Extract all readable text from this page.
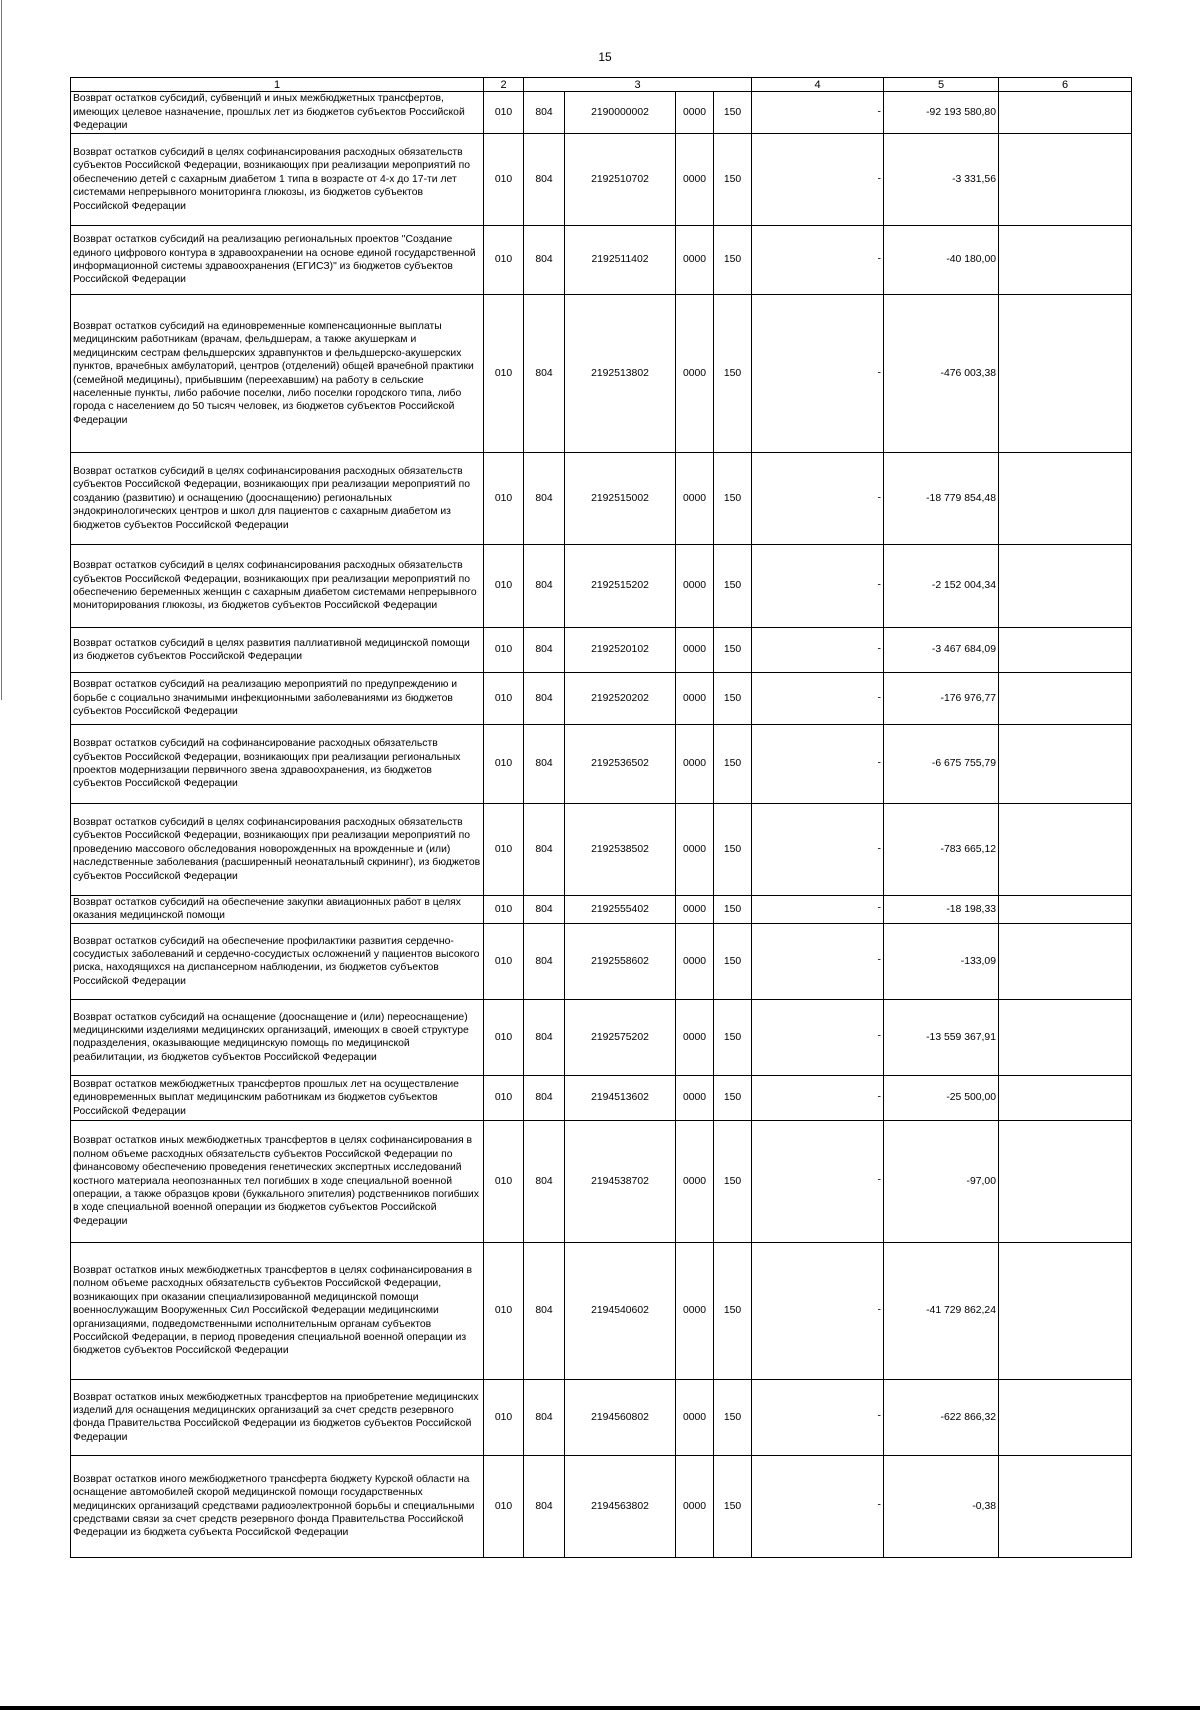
15
1	2	3				4	5	6
Возврат остатков субсидий, субвенций и иных межбюджетных трансфертов, имеющих целевое назначение, прошлых лет из бюджетов субъектов Российской Федерации	010	804	2190000002	0000	150	-	-92 193 580,80	-
Возврат остатков субсидий в целях софинансирования расходных обязательств субъектов Российской Федерации, возникающих при реализации мероприятий по обеспечению детей с сахарным диабетом 1 типа в возрасте от 4-х до 17-ти лет системами непрерывного мониторинга глюкозы, из бюджетов субъектов Российской Федерации	010	804	2192510702	0000	150	-	-3 331,56	-
Возврат остатков субсидий на реализацию региональных проектов "Создание единого цифрового контура в здравоохранении на основе единой государственной информационной системы здравоохранения (ЕГИСЗ)" из бюджетов субъектов Российской Федерации	010	804	2192511402	0000	150	-	-40 180,00	-
Возврат остатков субсидий на единовременные компенсационные выплаты медицинским работникам (врачам, фельдшерам, а также акушеркам и медицинским сестрам фельдшерских здравпунктов и фельдшерско-акушерских пунктов, врачебных амбулаторий, центров (отделений) общей врачебной практики (семейной медицины), прибывшим (переехавшим) на работу в сельские населенные пункты, либо рабочие поселки, либо поселки городского типа, либо города с населением до 50 тысяч человек, из бюджетов субъектов Российской Федерации	010	804	2192513802	0000	150	-	-476 003,38	-
Возврат остатков субсидий в целях софинансирования расходных обязательств субъектов Российской Федерации, возникающих при реализации мероприятий по созданию (развитию) и оснащению (дооснащению) региональных эндокринологических центров и школ для пациентов с сахарным диабетом из бюджетов субъектов Российской Федерации	010	804	2192515002	0000	150	-	-18 779 854,48	-
Возврат остатков субсидий в целях софинансирования расходных обязательств субъектов Российской Федерации, возникающих при реализации мероприятий по обеспечению беременных женщин с сахарным диабетом системами непрерывного мониторирования глюкозы, из бюджетов субъектов Российской Федерации	010	804	2192515202	0000	150	-	-2 152 004,34	-
Возврат остатков субсидий в целях развития паллиативной медицинской помощи из бюджетов субъектов Российской Федерации	010	804	2192520102	0000	150	-	-3 467 684,09	-
Возврат остатков субсидий на реализацию мероприятий по предупреждению и борьбе с социально значимыми инфекционными заболеваниями из бюджетов субъектов Российской Федерации	010	804	2192520202	0000	150	-	-176 976,77	-
Возврат остатков субсидий на софинансирование расходных обязательств субъектов Российской Федерации, возникающих при реализации региональных проектов модернизации первичного звена здравоохранения, из бюджетов субъектов Российской Федерации	010	804	2192536502	0000	150	-	-6 675 755,79	-
Возврат остатков субсидий в целях софинансирования расходных обязательств субъектов Российской Федерации, возникающих при реализации мероприятий по проведению массового обследования новорожденных на врожденные и (или) наследственные заболевания (расширенный неонатальный скрининг), из бюджетов субъектов Российской Федерации	010	804	2192538502	0000	150	-	-783 665,12	-
Возврат остатков субсидий на обеспечение закупки авиационных работ в целях оказания медицинской помощи	010	804	2192555402	0000	150	-	-18 198,33	-
Возврат остатков субсидий на обеспечение профилактики развития сердечно-сосудистых заболеваний и сердечно-сосудистых осложнений у пациентов высокого риска, находящихся на диспансерном наблюдении, из бюджетов субъектов Российской Федерации	010	804	2192558602	0000	150	-	-133,09	-
Возврат остатков субсидий на оснащение (дооснащение и (или) переоснащение) медицинскими изделиями медицинских организаций, имеющих в своей структуре подразделения, оказывающие медицинскую помощь по медицинской реабилитации, из бюджетов субъектов Российской Федерации	010	804	2192575202	0000	150	-	-13 559 367,91	-
Возврат остатков межбюджетных трансфертов прошлых лет на осуществление единовременных выплат медицинским работникам из бюджетов субъектов Российской Федерации	010	804	2194513602	0000	150	-	-25 500,00	-
Возврат остатков иных межбюджетных трансфертов в целях софинансирования в полном объеме расходных обязательств субъектов Российской Федерации по финансовому обеспечению проведения генетических экспертных исследований костного материала неопознанных тел погибших в ходе специальной военной операции, а также образцов крови (буккального эпителия) родственников погибших в ходе специальной военной операции из бюджетов субъектов Российской Федерации	010	804	2194538702	0000	150	-	-97,00	-
Возврат остатков иных межбюджетных трансфертов в целях софинансирования в полном объеме расходных обязательств субъектов Российской Федерации, возникающих при оказании специализированной медицинской помощи военнослужащим Вооруженных Сил Российской Федерации медицинскими организациями, подведомственными исполнительным органам субъектов Российской Федерации, в период проведения специальной военной операции из бюджетов субъектов Российской Федерации	010	804	2194540602	0000	150	-	-41 729 862,24	-
Возврат остатков иных межбюджетных трансфертов на приобретение медицинских изделий для оснащения медицинских организаций за счет средств резервного фонда Правительства Российской Федерации из бюджетов субъектов Российской Федерации	010	804	2194560802	0000	150	-	-622 866,32	-
Возврат остатков иного межбюджетного трансферта бюджету Курской области на оснащение автомобилей скорой медицинской помощи государственных медицинских организаций средствами радиоэлектронной борьбы и специальными средствами связи за счет средств резервного фонда Правительства Российской Федерации из бюджета субъекта Российской Федерации	010	804	2194563802	0000	150	-	-0,38	-
